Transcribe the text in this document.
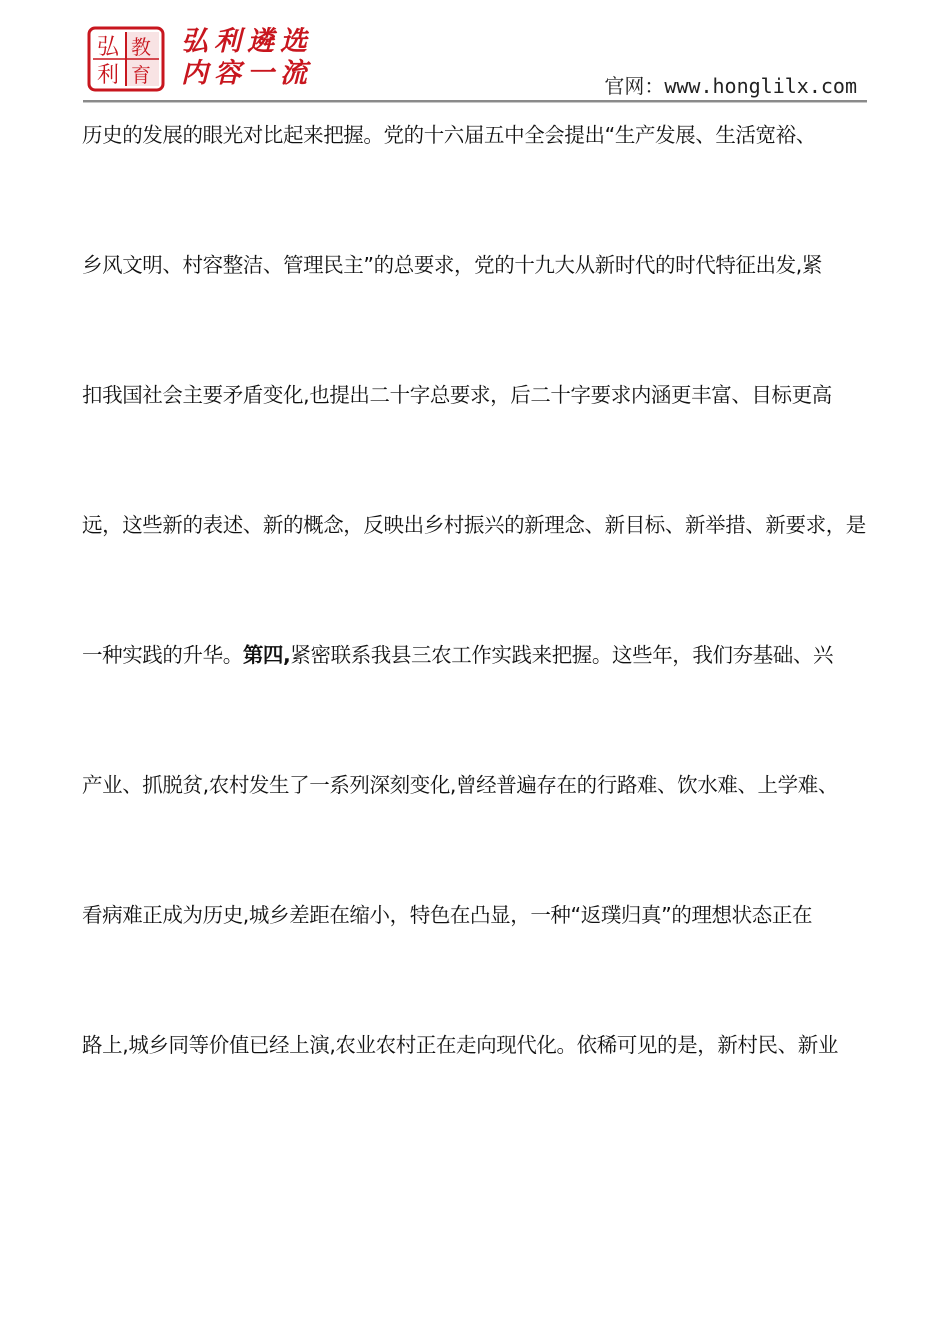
弘 教
利 育
弘利遴选
内容一流	官网：www.honglilx.com
历史的发展的眼光对比起来把握。党的十六届五中全会提出“生产发展、生活宽裕、
乡风文明、村容整洁、管理民主”的总要求，党的十九大从新时代的时代特征出发,紧
扣我国社会主要矛盾变化,也提出二十字总要求，后二十字要求内涵更丰富、目标更高
远，这些新的表述、新的概念，反映出乡村振兴的新理念、新目标、新举措、新要求，是
一种实践的升华。第四,紧密联系我县三农工作实践来把握。这些年，我们夯基础、兴
产业、抓脱贫,农村发生了一系列深刻变化,曾经普遍存在的行路难、饮水难、上学难、
看病难正成为历史,城乡差距在缩小，特色在凸显，一种“返璞归真”的理想状态正在
路上,城乡同等价值已经上演,农业农村正在走向现代化。依稀可见的是，新村民、新业
